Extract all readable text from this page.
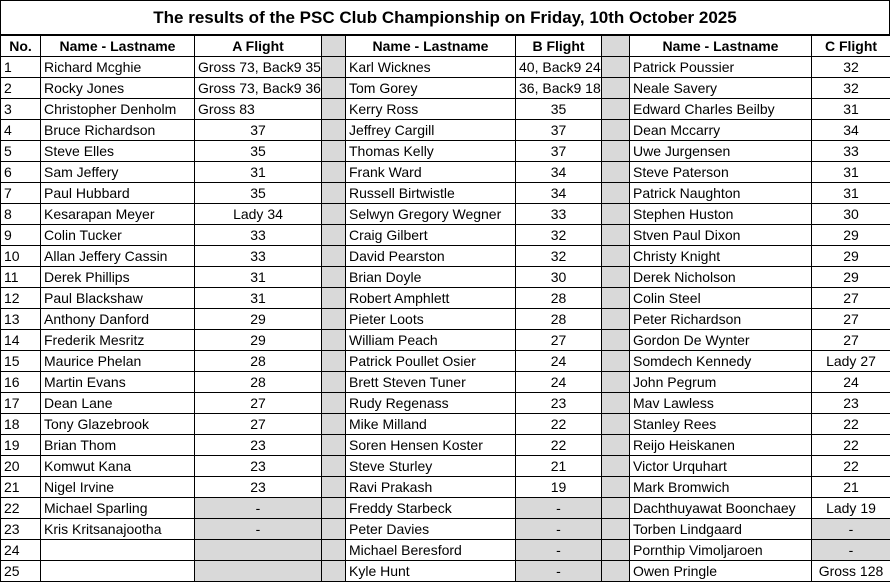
The results of the PSC Club Championship on Friday, 10th October 2025
No.	Name - Lastname	A Flight		Name - Lastname	B Flight		Name - Lastname	C Flight
1	Richard Mcghie	Gross 73, Back9 35		Karl Wicknes	40, Back9 24		Patrick Poussier	32
2	Rocky Jones	Gross 73, Back9 36		Tom Gorey	36, Back9 18		Neale Savery	32
3	Christopher Denholm	Gross 83		Kerry Ross	35		Edward Charles Beilby	31
4	Bruce Richardson	37		Jeffrey Cargill	37		Dean Mccarry	34
5	Steve Elles	35		Thomas Kelly	37		Uwe Jurgensen	33
6	Sam Jeffery	31		Frank Ward	34		Steve Paterson	31
7	Paul Hubbard	35		Russell Birtwistle	34		Patrick Naughton	31
8	Kesarapan Meyer	Lady 34		Selwyn Gregory Wegner	33		Stephen Huston	30
9	Colin Tucker	33		Craig Gilbert	32		Stven Paul Dixon	29
10	Allan Jeffery Cassin	33		David Pearston	32		Christy Knight	29
11	Derek Phillips	31		Brian Doyle	30		Derek Nicholson	29
12	Paul Blackshaw	31		Robert Amphlett	28		Colin Steel	27
13	Anthony Danford	29		Pieter Loots	28		Peter Richardson	27
14	Frederik Mesritz	29		William Peach	27		Gordon De Wynter	27
15	Maurice Phelan	28		Patrick Poullet Osier	24		Somdech Kennedy	Lady 27
16	Martin Evans	28		Brett Steven Tuner	24		John Pegrum	24
17	Dean Lane	27		Rudy Regenass	23		Mav Lawless	23
18	Tony Glazebrook	27		Mike Milland	22		Stanley Rees	22
19	Brian Thom	23		Soren Hensen Koster	22		Reijo Heiskanen	22
20	Komwut Kana	23		Steve Sturley	21		Victor Urquhart	22
21	Nigel Irvine	23		Ravi Prakash	19		Mark Bromwich	21
22	Michael Sparling	-		Freddy Starbeck	-		Dachthuyawat Boonchaey	Lady 19
23	Kris Kritsanajootha	-		Peter Davies	-		Torben Lindgaard	-
24				Michael Beresford	-		Pornthip Vimoljaroen	-
25				Kyle Hunt	-		Owen Pringle	Gross 128
